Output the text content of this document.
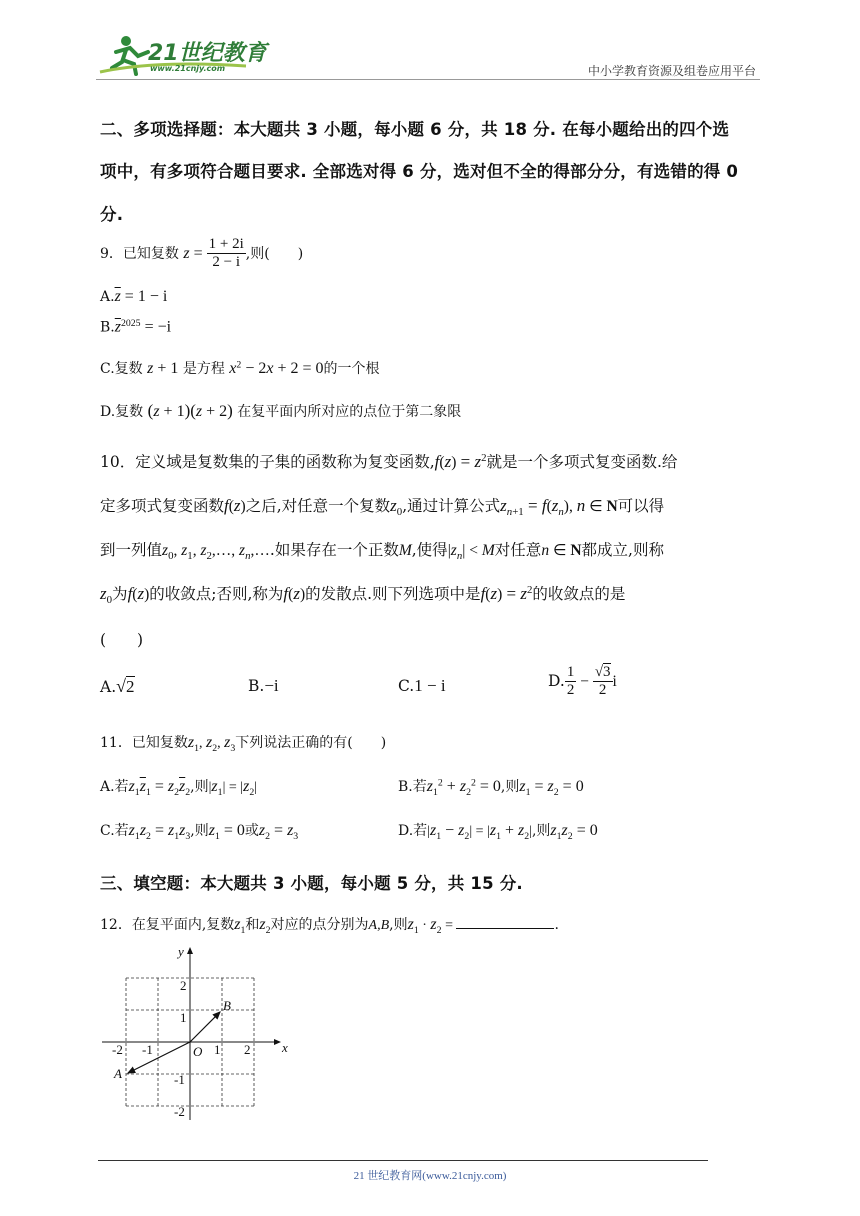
21世纪教育
www.21cnjy.com	中小学教育资源及组卷应用平台
二、多项选择题：本大题共 3 小题，每小题 6 分，共 18 分. 在每小题给出的四个选
项中，有多项符合题目要求. 全部选对得 6 分，选对但不全的得部分分，有选错的得 0
分.
9．已知复数 $z = \frac{1 + 2i}{2 - i}$ ,则(　　)
$A.\overline{z} = 1 - i$
$B.\overline{z}^{2025} = -i$
C.复数 z + 1 是方程 $x^2 - 2x + 2 = 0$的一个根
D.复数 (z + 1)(z + 2) 在复平面内所对应的点位于第二象限
10．定义域是复数集的子集的函数称为复变函数$,f(z) = z^2$就是一个多项式复变函数.给
定多项式复变函数f(z)之后,对任意一个复数$z_0$,通过计算公式$z_{n+1} = f(z_n)$, n ∈ N可以得
到一列值$z_0$, $z_1$, $z_2,\dots$, $z_n,\dots$.如果存在一个正数M,使得$|z_n| < M$对任意n ∈ N都成立,则称
$z_0$为f(z)的收敛点;否则,称为f(z)的发散点.则下列选项中是$f(z) = z^2$的收敛点的是
(　　)
A.√2	B.−i	C.1 − i	D. $\frac{1}{2} - \frac{√3}{2}$ i
11．已知复数$z_1$, $z_2$, $z_3$下列说法正确的有(　　)
A.若$z_1\overline{z}_1 = z_2\overline{z}_2$,则$|z_1| = |z_2|$	B.若$z_1^2 + z_2^2 = 0$,则$z_1 = z_2 = 0$
C.若$z_1z_2 = z_1z_3$,则$z_1 = 0$或$z_2 = z_3$	D.若$|z_1 - z_2| = |z_1 + z_2|$,则$z_1z_2 = 0$
三、填空题：本大题共 3 小题，每小题 5 分，共 15 分.
12．在复平面内,复数$z_1$和$z_2$对应的点分别为A,B,则$z_1 \cdot z_2$ =	.
x
y
O
-2 -1	1 2
2
1
-1
-2
B
A
21 世纪教育网(www.21cnjy.com)
